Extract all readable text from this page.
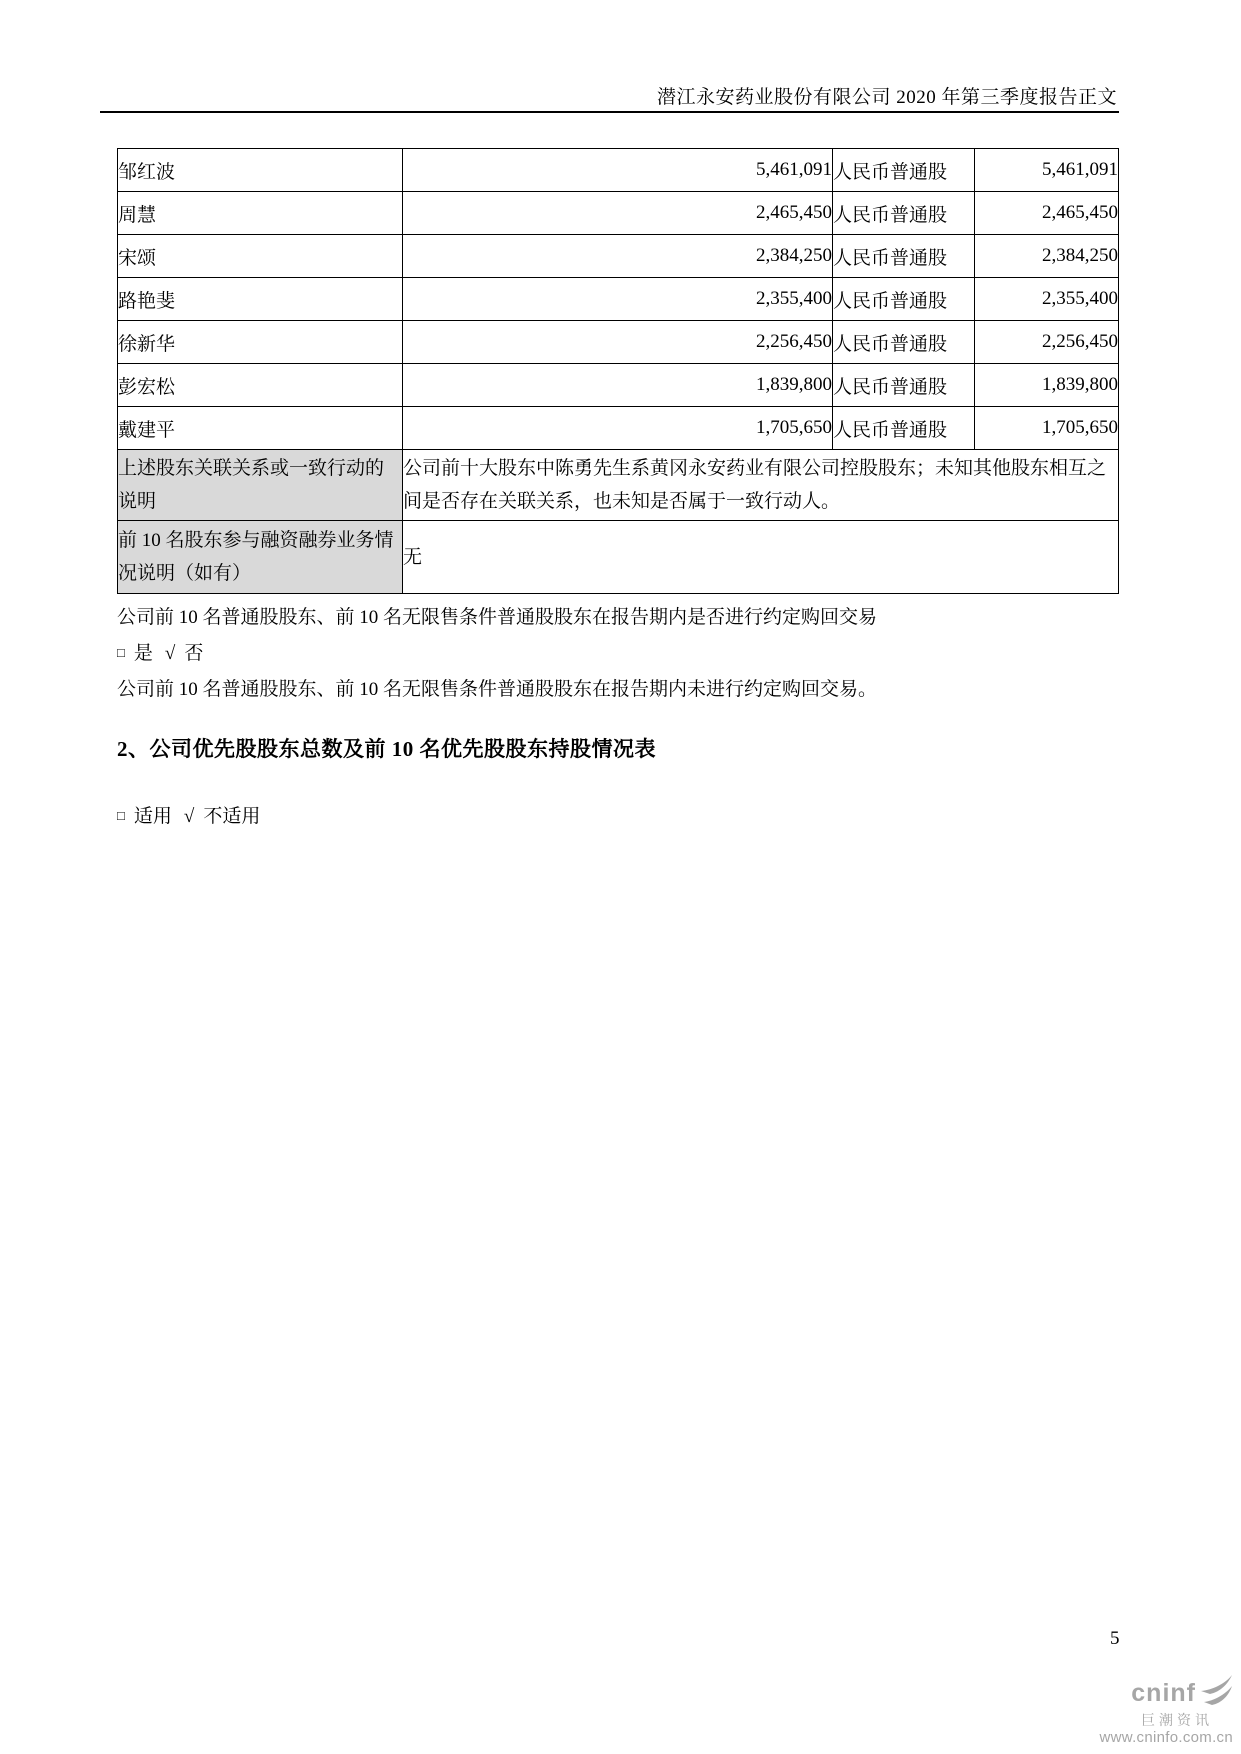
潜江永安药业股份有限公司 2020 年第三季度报告正文
邹红波	5,461,091	人民币普通股	5,461,091
周慧	2,465,450	人民币普通股	2,465,450
宋颂	2,384,250	人民币普通股	2,384,250
路艳斐	2,355,400	人民币普通股	2,355,400
徐新华	2,256,450	人民币普通股	2,256,450
彭宏松	1,839,800	人民币普通股	1,839,800
戴建平	1,705,650	人民币普通股	1,705,650
上述股东关联关系或一致行动的说明	公司前十大股东中陈勇先生系黄冈永安药业有限公司控股股东；未知其他股东相互之间是否存在关联关系，也未知是否属于一致行动人。		
前 10 名股东参与融资融券业务情况说明（如有）	无		
公司前 10 名普通股股东、前 10 名无限售条件普通股股东在报告期内是否进行约定购回交易
□ 是 √ 否
公司前 10 名普通股股东、前 10 名无限售条件普通股股东在报告期内未进行约定购回交易。
2、公司优先股股东总数及前 10 名优先股股东持股情况表
□ 适用 √ 不适用
5
cninf
巨潮资讯
www.cninfo.com.cn
